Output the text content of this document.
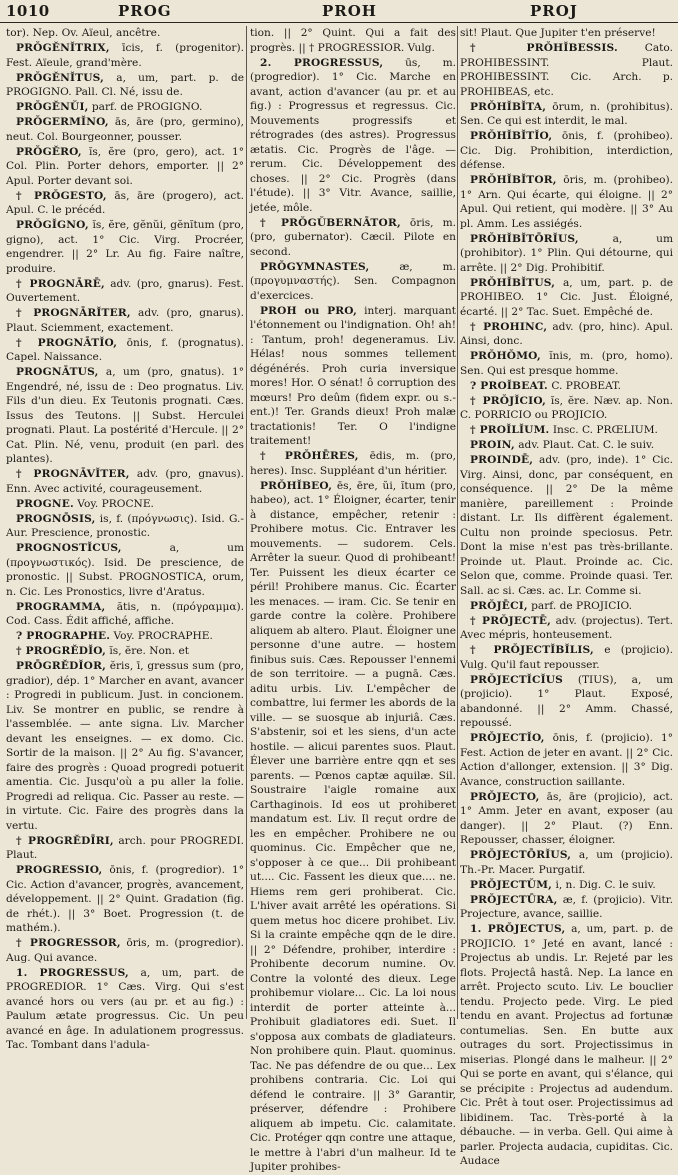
1010	PROG	PROH	PROJ

tor). Nep. Ov. Aïeul, ancêtre.

PRŎGĔNĬTRIX, īcis, f. (progenitor). Fest. Aïeule, grand'mère.

PRŎGĔNĬTUS, a, um, part. p. de PROGIGNO. Pall. Cl. Né, issu de.

PRŎGĔNŬI, parf. de PROGIGNO.

PRŎGERMĬNO, ās, āre (pro, germino), neut. Col. Bourgeonner, pousser.

PRŎGĔRO, ĭs, ĕre (pro, gero), act. 1° Col. Plin. Porter dehors, emporter. || 2° Apul. Porter devant soi.

† PRŎGESTO, ās, āre (progero), act. Apul. C. le précéd.

PRŎGĬGNO, ĭs, ĕre, gĕnŭi, gĕnĭtum (pro, gigno), act. 1° Cic. Virg. Procréer, engendrer. || 2° Lr. Au fig. Faire naître, produire.

† PROGNĀRĒ, adv. (pro, gnarus). Fest. Ouvertement.

† PROGNĀRĬTER, adv. (pro, gnarus). Plaut. Sciemment, exactement.

† PROGNĀTĬO, ōnis, f. (prognatus). Capel. Naissance.

PROGNĀTUS, a, um (pro, gnatus). 1° Engendré, né, issu de : Deo prognatus. Liv. Fils d'un dieu. Ex Teutonis prognati. Cæs. Issus des Teutons. || Subst. Herculei prognati. Plaut. La postérité d'Hercule. || 2° Cat. Plin. Né, venu, produit (en parl. des plantes).

† PROGNĀVĬTER, adv. (pro, gnavus). Enn. Avec activité, courageusement.

PROGNE. Voy. PROCNE.

PROGNŌSIS, is, f. (πρόγνωσις). Isid. G.-Aur. Prescience, pronostic.

PROGNOSTĬCUS,	a, um (προγνωστικός). Isid. De prescience, de pronostic. || Subst. PROGNOSTICA, orum, n. Cic. Les Pronostics, livre d'Aratus.

PROGRAMMA, ătis, n. (πρόγραμμα). Cod. Cass. Édit affiché, affiche.

? PROGRAPHE. Voy. PROCRAPHE.

† PROGRĔDĬO, ĭs, ĕre. Non. et

PRŌGRĔDĬOR, ĕris, ī, gressus sum (pro, gradior), dép. 1° Marcher en avant, avancer : Progredi in publicum. Just. in concionem. Liv. Se montrer en public, se rendre à l'assemblée. — ante signa. Liv. Marcher devant les enseignes. — ex domo. Cic. Sortir de la maison. || 2° Au fig. S'avancer, faire des progrès : Quoad progredi potuerit amentia. Cic. Jusqu'où a pu aller la folie. Progredi ad reliqua. Cic. Passer au reste. — in virtute. Cic. Faire des progrès dans la vertu.

† PROGRĔDĪRI, arch. pour PROGREDI. Plaut.

PROGRESSIO, ōnis, f. (progredior). 1° Cic. Action d'avancer, progrès, avancement, développement. || 2° Quint. Gradation (fig. de rhét.). || 3° Boet. Progression (t. de mathém.).

† PROGRESSOR, ōris, m. (progredior). Aug. Qui avance.

1. PROGRESSUS, a, um, part. de PROGREDIOR. 1° Cæs. Virg. Qui s'est avancé hors ou vers (au pr. et au fig.) : Paulum ætate progressus. Cic. Un peu avancé en âge. In adulationem progressus. Tac. Tombant dans l'adula-

tion. || 2° Quint. Qui a fait des progrès. || † PROGRESSIOR. Vulg.

2. PROGRESSUS, ūs, m. (progredior). 1° Cic. Marche en avant, action d'avancer (au pr. et au fig.) : Progressus et regressus. Cic. Mouvements progressifs et rétrogrades (des astres). Progressus ætatis. Cic. Progrès de l'âge. — rerum. Cic. Développement des choses. || 2° Cic. Progrès (dans l'étude). || 3° Vitr. Avance, saillie, jetée, môle.

† PRŎGŬBERNĀTOR, ōris, m. (pro, gubernator). Cæcil. Pilote en second.

PRŎGYMNASTES,	æ, m. (προγυμναστής). Sen. Compagnon d'exercices.

PROH ou PRO, interj. marquant l'étonnement ou l'indignation. Oh! ah! : Tantum, proh! degeneramus. Liv. Hélas! nous sommes tellement dégénérés. Proh curia inversique mores! Hor. O sénat! ô corruption des mœurs! Pro deûm (fidem expr. ou s.-ent.)! Ter. Grands dieux! Proh malæ tractationis! Ter. O l'indigne traitement!

† PRŎHĒRES, ēdis, m. (pro, heres). Insc. Suppléant d'un héritier.

PRŎHĬBEO, ēs, ēre, ŭi, ĭtum (pro, habeo), act. 1° Éloigner, écarter, tenir à distance, empêcher, retenir : Prohibere motus. Cic. Entraver les mouvements. — sudorem. Cels. Arrêter la sueur. Quod di prohibeant! Ter. Puissent les dieux écarter ce péril! Prohibere manus. Cic. Écarter les menaces. — iram. Cic. Se tenir en garde contre la colère. Prohibere aliquem ab altero. Plaut. Éloigner une personne d'une autre. — hostem finibus suis. Cæs. Repousser l'ennemi de son territoire. — a pugnā. Cæs. aditu urbis. Liv. L'empêcher de combattre, lui fermer les abords de la ville. — se suosque ab injuriâ. Cæs. S'abstenir, soi et les siens, d'un acte hostile. — alicui parentes suos. Plaut. Élever une barrière entre qqn et ses parents. — Pœnos captæ aquilæ. Sil. Soustraire l'aigle romaine aux Carthaginois. Id eos ut prohiberet mandatum est. Liv. Il reçut ordre de les en empêcher. Prohibere ne ou quominus. Cic. Empêcher que ne, s'opposer à ce que... Dii prohibeant ut.... Cic. Fassent les dieux que.... ne. Hiems rem geri prohiberat. Cic. L'hiver avait arrêté les opérations. Si quem metus hoc dicere prohibet. Liv. Si la crainte empêche qqn de le dire. || 2° Défendre, prohiber, interdire : Prohibente decorum numine. Ov. Contre la volonté des dieux. Lege prohibemur violare... Cic. La loi nous interdit de porter atteinte à... Prohibuit gladiatores edi. Suet. Il s'opposa aux combats de gladiateurs. Non prohibere quin. Plaut. quominus. Tac. Ne pas défendre de ou que... Lex prohibens contraria. Cic. Loi qui défend le contraire. || 3° Garantir, préserver, défendre : Prohibere aliquem ab impetu. Cic. calamitate. Cic. Protéger qqn contre une attaque, le mettre à l'abri d'un malheur. Id te Jupiter prohibes-

sit! Plaut. Que Jupiter t'en préserve!

† PRŎHĬBESSIS.	Cato. PROHIBESSINT. Plaut. PROHIBESSINT. Cic. Arch. p. PROHIBEAS, etc.

PRŎHĬBĬTA, ōrum, n. (prohibitus). Sen. Ce qui est interdit, le mal.

PRŎHĬBĬTĬO, ōnis, f. (prohibeo). Cic. Dig. Prohibition, interdiction, défense.

PRŎHĬBĬTOR, ōris, m. (prohibeo). 1° Arn. Qui écarte, qui éloigne. || 2° Apul. Qui retient, qui modère. || 3° Au pl. Amm. Les assiégés.

PRŎHĬBĬTŌRĬUS,	a, um (prohibitor). 1° Plin. Qui détourne, qui arrête. || 2° Dig. Prohibitif.

PRŎHĬBĬTUS, a, um, part. p. de PROHIBEO. 1° Cic. Just. Éloigné, écarté. || 2° Tac. Suet. Empêché de.

† PROHINC, adv. (pro, hinc). Apul. Ainsi, donc.

PRŎHŎMO, ĭnis, m. (pro, homo). Sen. Qui est presque homme.

? PROĬBEAT. C. PROBEAT.

† PRŎJĬCIO, ĭs, ĕre. Næv. ap. Non. C. PORRICIO ou PROJICIO.

† PROĬLĬUM. Insc. C. PRŒLIUM.

PROIN, adv. Plaut. Cat. C. le suiv.

PROINDĒ, adv. (pro, inde). 1° Cic. Virg. Ainsi, donc, par conséquent, en conséquence. || 2° De la même manière, pareillement : Proinde distant. Lr. Ils diffèrent également. Cultu non proinde speciosus. Petr. Dont la mise n'est pas très-brillante. Proinde ut. Plaut. Proinde ac. Cic. Selon que, comme. Proinde quasi. Ter. Sall. ac si. Cæs. ac. Lr. Comme si.

PRŎJĒCI, parf. de PROJICIO.

† PRŎJECTĒ, adv. (projectus). Tert. Avec mépris, honteusement.

† PRŎJECTĬBĬLIS, e (projicio). Vulg. Qu'il faut repousser.

PRŎJECTĬCĬUS (TIUS), a, um (projicio). 1° Plaut. Exposé, abandonné. || 2° Amm. Chassé, repoussé.

PRŎJECTĬO, ōnis, f. (projicio). 1° Fest. Action de jeter en avant. || 2° Cic. Action d'allonger, extension. || 3° Dig. Avance, construction saillante.

PRŎJECTO, ās, āre (projicio), act. 1° Amm. Jeter en avant, exposer (au danger). || 2° Plaut. (?) Enn. Repousser, chasser, éloigner.

PRŎJECTŌRĬUS, a, um (projicio). Th.-Pr. Macer. Purgatif.

PRŎJECTŬM, i, n. Dig. C. le suiv.

PRŎJECTŪRA, æ, f. (projicio). Vitr. Projecture, avance, saillie.

1. PRŎJECTUS, a, um, part. p. de PROJICIO. 1° Jeté en avant, lancé : Projectus ab undis. Lr. Rejeté par les flots. Projectâ hastâ. Nep. La lance en arrêt. Projecto scuto. Liv. Le bouclier tendu. Projecto pede. Virg. Le pied tendu en avant. Projectus ad fortunæ contumelias. Sen. En butte aux outrages du sort. Projectissimus in miserias. Plongé dans le malheur. || 2° Qui se porte en avant, qui s'élance, qui se précipite : Projectus ad audendum. Cic. Prêt à tout oser. Projectissimus ad libidinem. Tac. Très-porté à la débauche. — in verba. Gell. Qui aime à parler. Projecta audacia, cupiditas. Cic. Audace
